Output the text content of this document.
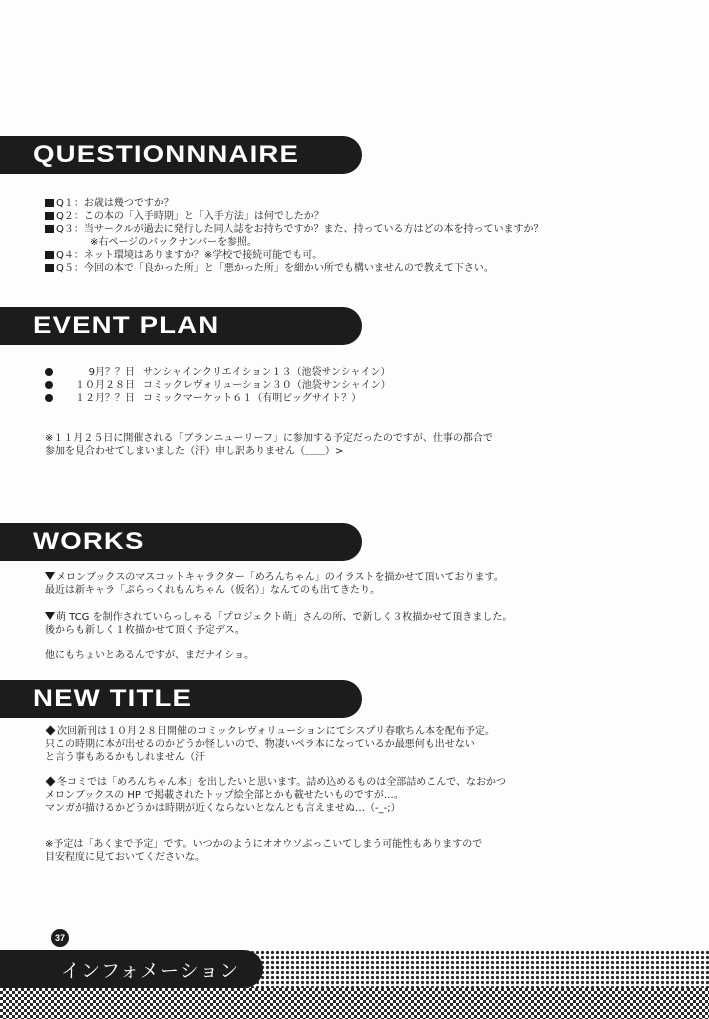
QUESTIONNNAIRE
Q１：お歳は幾つですか？
Q２：この本の「入手時期」と「入手方法」は何でしたか？
Q３：当サークルが過去に発行した同人誌をお持ちですか？また、持っている方はどの本を持っていますか？
※右ページのバックナンバーを参照。
Q４：ネット環境はありますか？※学校で接続可能でも可。
Q５：今回の本で「良かった所」と「悪かった所」を細かい所でも構いませんので教えて下さい。
EVENT PLAN
9月？？日 サンシャインクリエイション１３（池袋サンシャイン）
１０月２８日 コミックレヴォリューション３０（池袋サンシャイン）
１２月？？日 コミックマーケット６１（有明ビッグサイト？）
※１１月２５日に開催される「ブランニューリーフ」に参加する予定だったのですが、仕事の都合で
参加を見合わせてしまいました（汗）申し訳ありません（＿＿）>
WORKS
メロンブックスのマスコットキャラクター「めろんちゃん」のイラストを描かせて頂いております。
最近は新キャラ「ぷらっくれもんちゃん（仮名）」なんてのも出てきたり。
萌 TCG を制作されていらっしゃる「プロジェクト萌」さんの所、で新しく３枚描かせて頂きました。
後からも新しく１枚描かせて頂く予定デス。
他にもちょいとあるんですが、まだナイショ。
NEW TITLE
次回新刊は１０月２８日開催のコミックレヴォリューションにてシスプリ春歌ちん本を配布予定。
只この時期に本が出せるのかどうか怪しいので、物凄いペラ本になっているか最悪何も出せない
と言う事もあるかもしれません（汗
冬コミでは「めろんちゃん本」を出したいと思います。詰め込めるものは全部詰めこんで、なおかつ
メロンブックスの HP で掲載されたトップ絵全部とかも載せたいものですが…。
マンガが描けるかどうかは時期が近くならないとなんとも言えませぬ…（-_-;）
※予定は「あくまで予定」です。いつかのようにオオウソぶっこいてしまう可能性もありますので
目安程度に見ておいてくださいな。
37
インフォメーション
